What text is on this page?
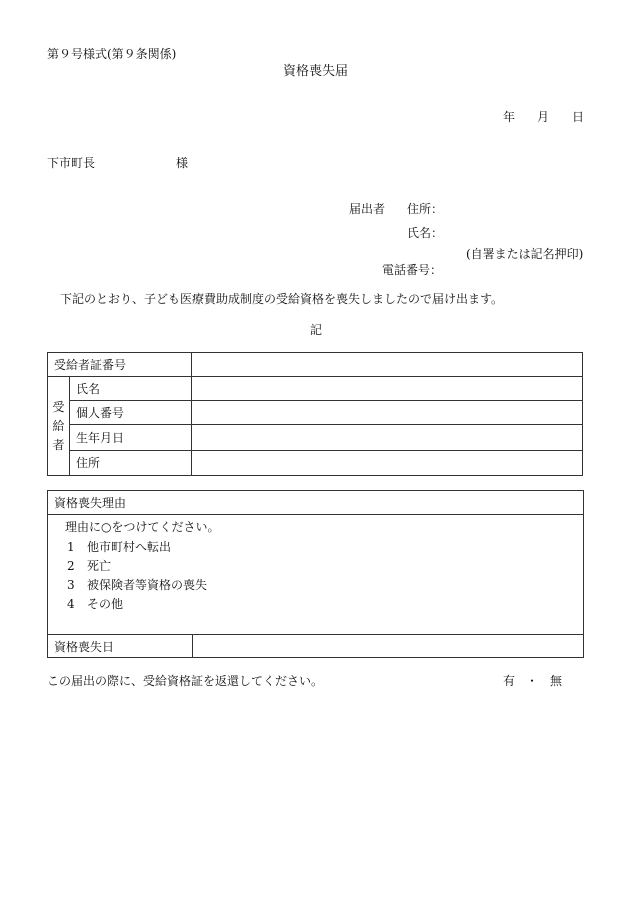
第９号様式(第９条関係)
資格喪失届
年 月 日
下市町長	様
届出者 住所：
氏名：
(自署または記名押印)
電話番号：
下記のとおり、子ども医療費助成制度の受給資格を喪失しましたので届け出ます。
記
受給者証番号		

受
給
者	氏名	
	個人番号	
	生年月日	
	住所	
資格喪失理由
理由に○をつけてください。
1 他市町村へ転出
2 死亡
3 被保険者等資格の喪失
4 その他
資格喪失日
この届出の際に、受給資格証を返還してください。	有 ・ 無
